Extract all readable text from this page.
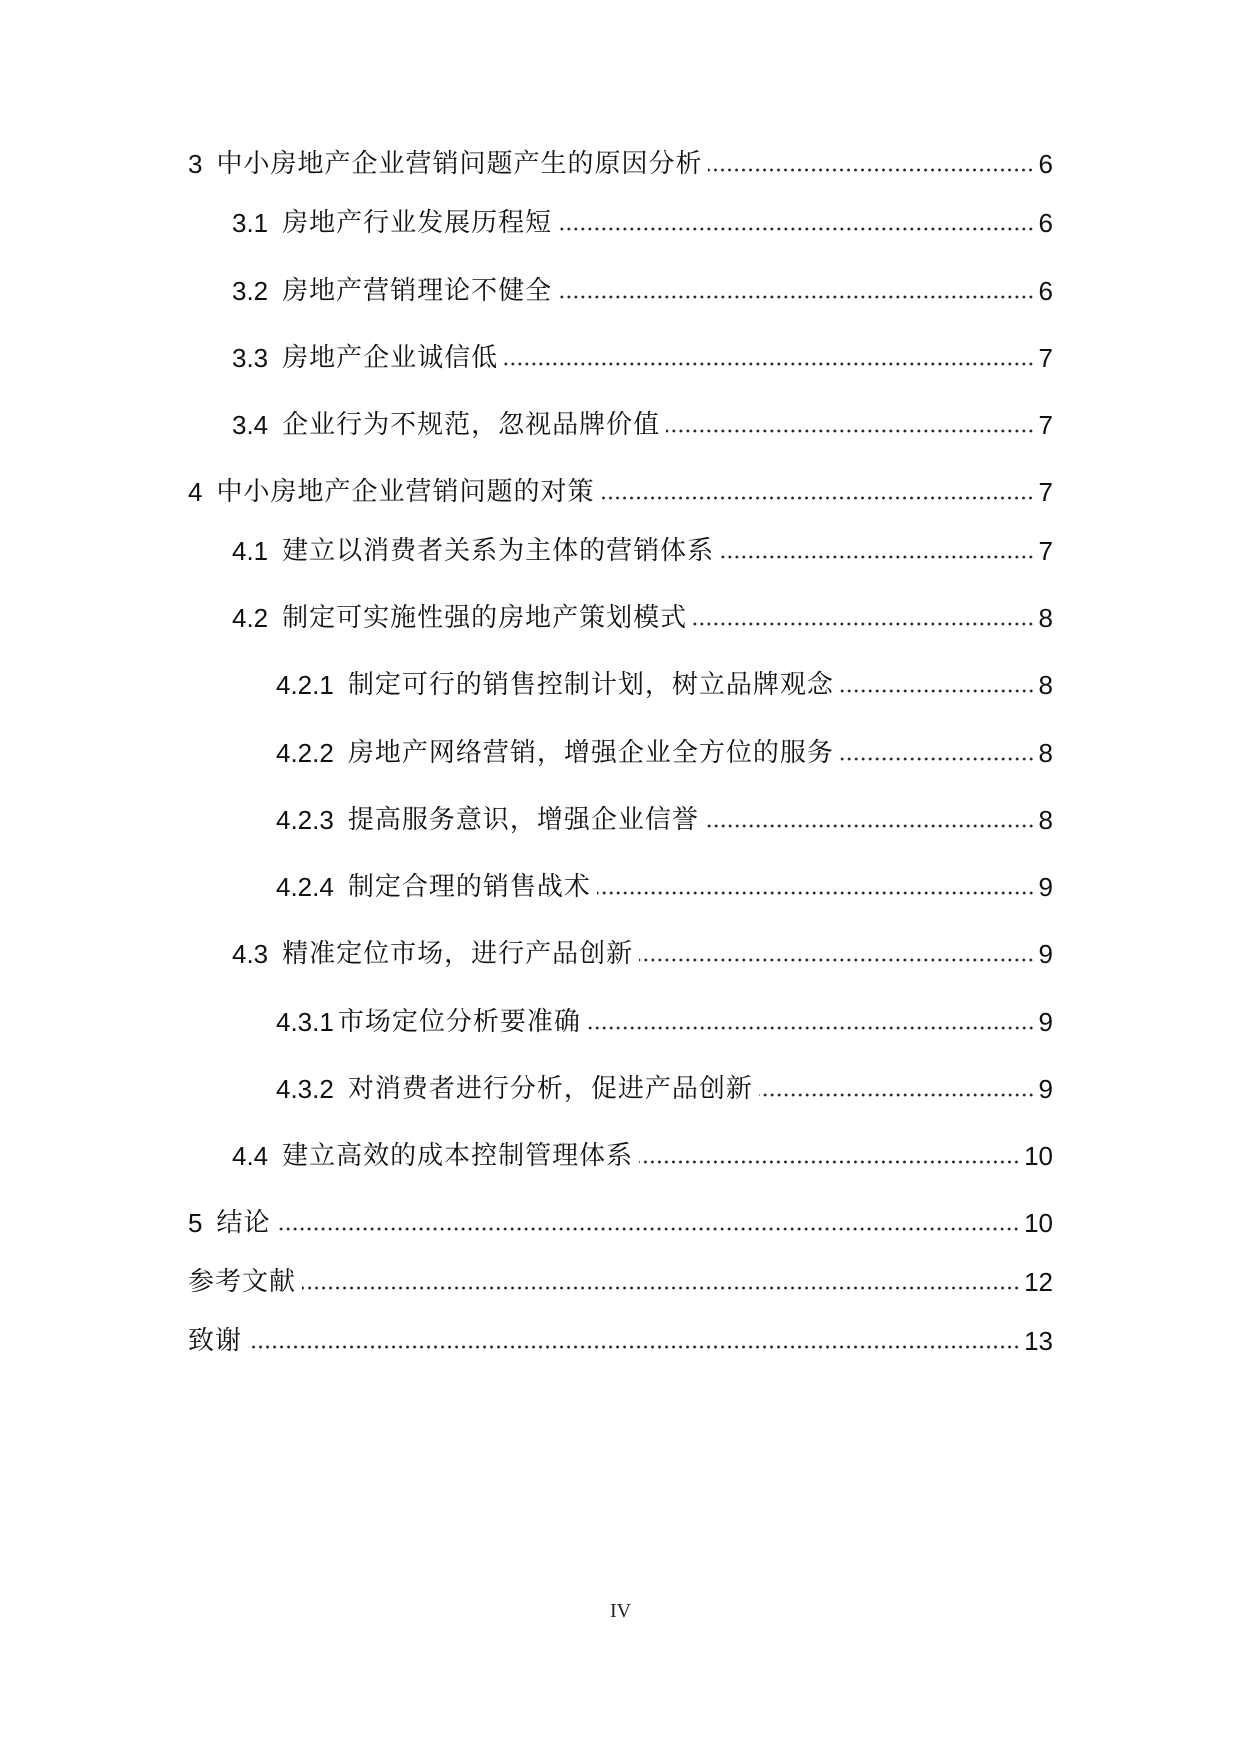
3 中小房地产企业营销问题产生的原因分析	6
3.1 房地产行业发展历程短	6
3.2 房地产营销理论不健全	6
3.3 房地产企业诚信低	7
3.4 企业行为不规范，忽视品牌价值	7
4 中小房地产企业营销问题的对策	7
4.1 建立以消费者关系为主体的营销体系	7
4.2 制定可实施性强的房地产策划模式	8
4.2.1 制定可行的销售控制计划，树立品牌观念	8
4.2.2 房地产网络营销，增强企业全方位的服务	8
4.2.3 提高服务意识，增强企业信誉	8
4.2.4 制定合理的销售战术	9
4.3 精准定位市场，进行产品创新	9
4.3.1 市场定位分析要准确	9
4.3.2 对消费者进行分析，促进产品创新	9
4.4 建立高效的成本控制管理体系	10
5 结论	10
参考文献	12
致谢	13
IV
